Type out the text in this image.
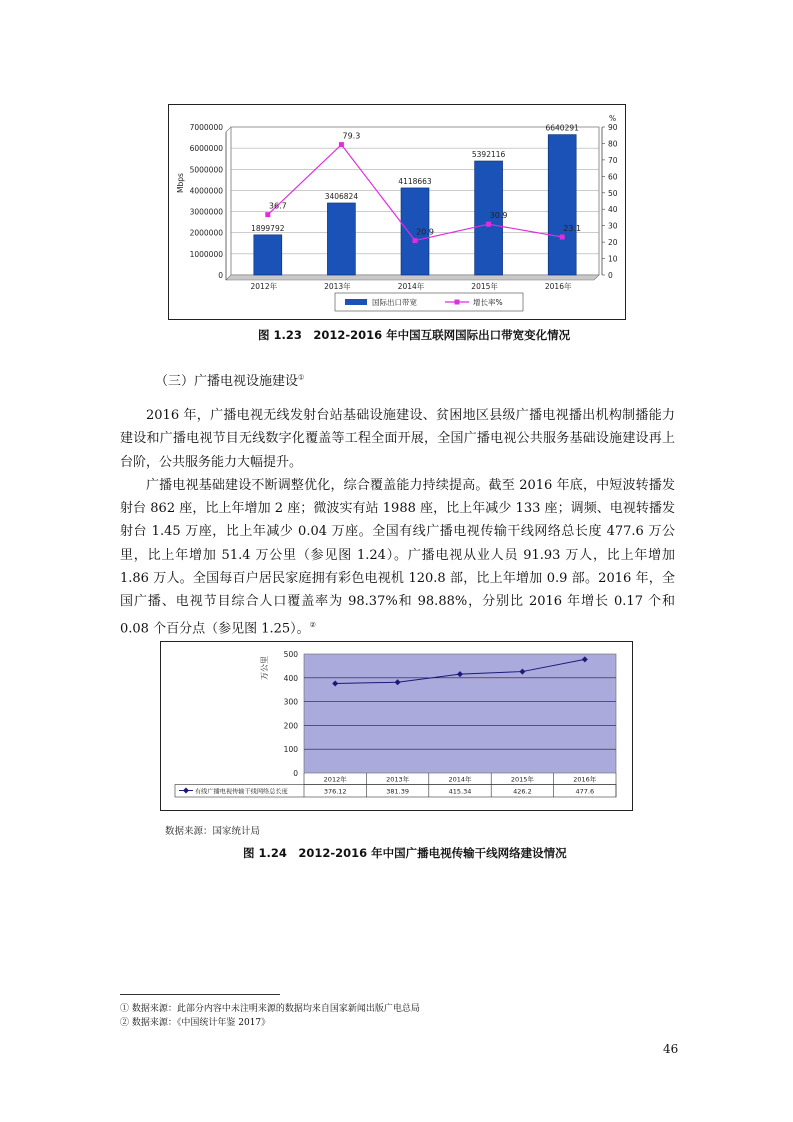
0
1000000
2000000
3000000
4000000
5000000
6000000
7000000
0
10
20
30
40
50
60
70
80
90
Mbps
%
1899792
2012年
3406824
2013年
4118663
2014年
5392116
2015年
6640291
2016年
36.7
79.3
20.9
30.9
23.1
国际出口带宽	增长率%
图 1.23　2012-2016 年中国互联网国际出口带宽变化情况
（三）广播电视设施建设①

2016 年，广播电视无线发射台站基础设施建设、贫困地区县级广播电视播出机构制播能力建设和广播电视节目无线数字化覆盖等工程全面开展，全国广播电视公共服务基础设施建设再上台阶，公共服务能力大幅提升。

广播电视基础建设不断调整优化，综合覆盖能力持续提高。截至 2016 年底，中短波转播发射台 862 座，比上年增加 2 座；微波实有站 1988 座，比上年减少 133 座；调频、电视转播发射台 1.45 万座，比上年减少 0.04 万座。全国有线广播电视传输干线网络总长度 477.6 万公里，比上年增加 51.4 万公里（参见图 1.24）。广播电视从业人员 91.93 万人，比上年增加 1.86 万人。全国每百户居民家庭拥有彩色电视机 120.8 部，比上年增加 0.9 部。2016 年，全国广播、电视节目综合人口覆盖率为 98.37%和 98.88%，分别比 2016 年增长 0.17 个和 0.08 个百分点（参见图 1.25）。②

0
100
200
300
400
500
万公里
2012年
376.12
2013年
381.39
2014年
415.34
2015年
426.2
2016年
477.6
有线广播电视传输干线网络总长度
数据来源：国家统计局
图 1.24　2012-2016 年中国广播电视传输干线网络建设情况
① 数据来源：此部分内容中未注明来源的数据均来自国家新闻出版广电总局
② 数据来源：《中国统计年鉴 2017》
46
